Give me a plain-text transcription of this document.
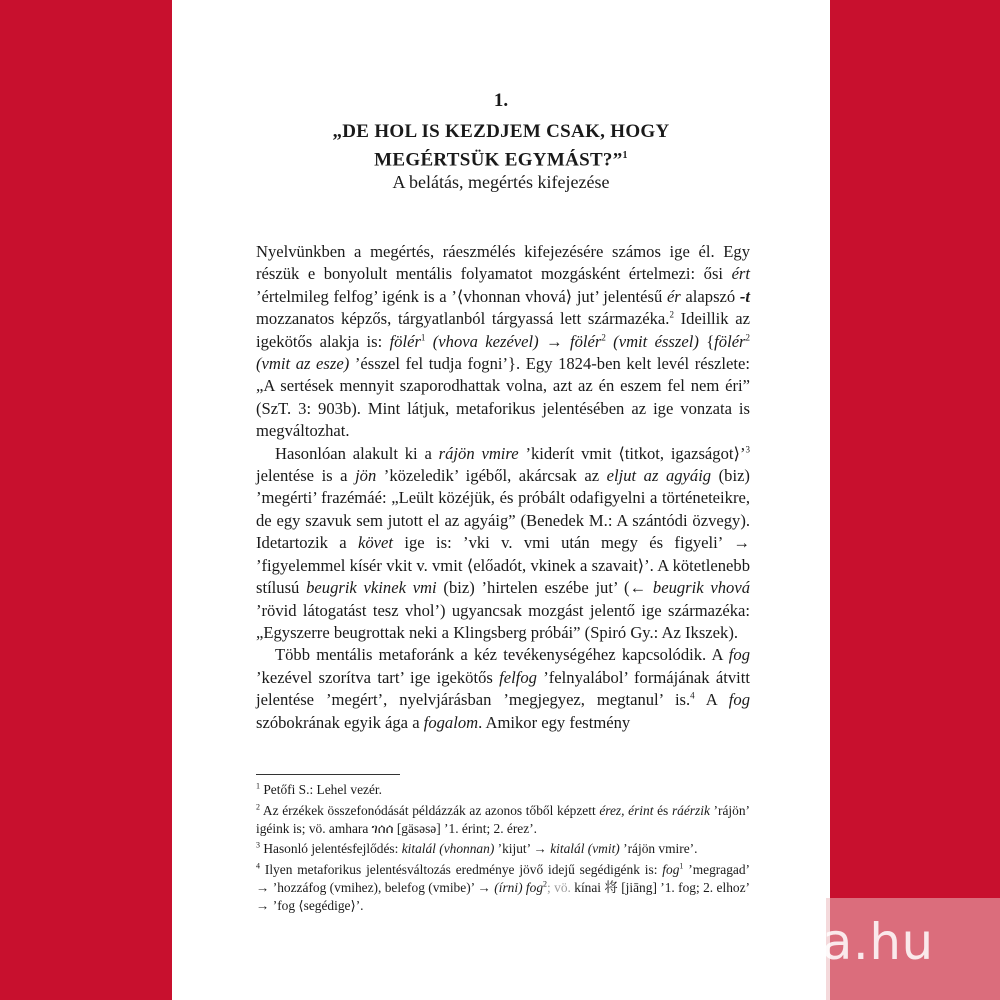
1.
„DE HOL IS KEZDJEM CSAK, HOGY
MEGÉRTSÜK EGYMÁST?”$^1$
A belátás, megértés kifejezése

Nyelvünkben a megértés, ráeszmélés kifejezésére számos ige él. Egy részük e bonyolult mentális folyamatot mozgásként értelmezi: ősi ért ’értelmileg felfog’ igénk is a ’⟨vhonnan vhová⟩ jut’ jelentésű ér alapszó -t mozzanatos képzős, tárgyatlanból tárgyassá lett származéka.$^2$ Ideillik az igekötős alakja is: fölér$^1$ (vhova kezével) → fölér$^2$ (vmit ésszel) {fölér$^2$ (vmit az esze) ’ésszel fel tudja fogni’}. Egy 1824-ben kelt levél részlete: „A sertések mennyit szaporodhattak volna, azt az én eszem fel nem éri” (SzT. 3: 903b). Mint látjuk, metaforikus jelentésében az ige vonzata is megváltozhat.

Hasonlóan alakult ki a rájön vmire ’kiderít vmit ⟨titkot, igazságot⟩’$^3$ jelentése is a jön ’közeledik’ igéből, akárcsak az eljut az agyáig (biz) ’megérti’ frazémáé: „Leült közéjük, és próbált odafigyelni a történeteikre, de egy szavuk sem jutott el az agyáig” (Benedek M.: A szántódi özvegy). Idetartozik a követ ige is: ’vki v. vmi után megy és figyeli’ → ’figyelemmel kísér vkit v. vmit ⟨előadót, vkinek a szavait⟩’. A kötetlenebb stílusú beugrik vkinek vmi (biz) ’hirtelen eszébe jut’ (← beugrik vhová ’rövid látogatást tesz vhol’) ugyancsak mozgást jelentő ige származéka: „Egyszerre beugrottak neki a Klingsberg próbái” (Spiró Gy.: Az Ikszek).

Több mentális metaforánk a kéz tevékenységéhez kapcsolódik. A fog ’kezével szorítva tart’ ige igekötős felfog ’felnyalábol’ formájának átvitt jelentése ’megért’, nyelvjárásban ’megjegyez, megtanul’ is.$^4$ A fog szóbokrának egyik ága a fogalom. Amikor egy festmény

$^1$ Petőfi S.: Lehel vezér.

$^2$ Az érzékek összefonódását példázzák az azonos tőből képzett érez, érint és ráérzik ’rájön’ igéink is; vö. amhara ገሰሰ [gäsəsə] ’1. érint; 2. érez’.

$^3$ Hasonló jelentésfejlődés: kitalál (vhonnan) ’kijut’ → kitalál (vmit) ’rájön vmire’.

$^4$ Ilyen metaforikus jelentésváltozás eredménye jövő idejű segédigénk is: fog$^1$ ’megragad’ → ’hozzáfog (vmihez), belefog (vmibe)’ → (írni) fog$^2$; vö. kínai 将 [jiāng] ’1. fog; 2. elhoz’ → ’fog ⟨segédige⟩’.

tinta.hu
